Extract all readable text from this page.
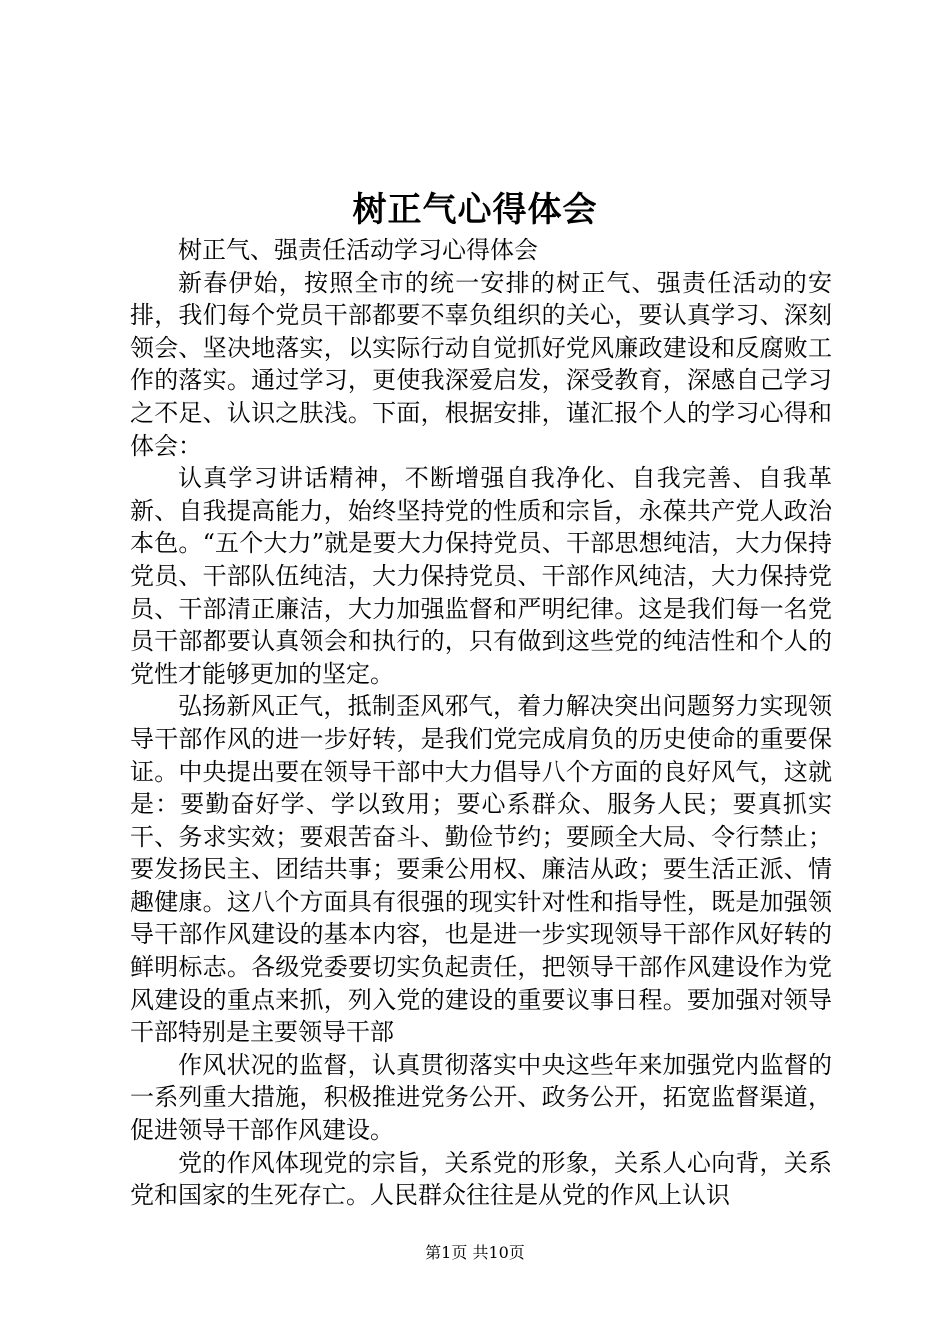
树正气心得体会

树正气、强责任活动学习心得体会

新春伊始，按照全市的统一安排的树正气、强责任活动的安排，我们每个党员干部都要不辜负组织的关心，要认真学习、深刻领会、坚决地落实，以实际行动自觉抓好党风廉政建设和反腐败工作的落实。通过学习，更使我深爱启发，深受教育，深感自己学习之不足、认识之肤浅。下面，根据安排，谨汇报个人的学习心得和体会：

认真学习讲话精神，不断增强自我净化、自我完善、自我革新、自我提高能力，始终坚持党的性质和宗旨，永葆共产党人政治本色。“五个大力”就是要大力保持党员、干部思想纯洁，大力保持党员、干部队伍纯洁，大力保持党员、干部作风纯洁，大力保持党员、干部清正廉洁，大力加强监督和严明纪律。这是我们每一名党员干部都要认真领会和执行的，只有做到这些党的纯洁性和个人的党性才能够更加的坚定。

弘扬新风正气，抵制歪风邪气，着力解决突出问题努力实现领导干部作风的进一步好转，是我们党完成肩负的历史使命的重要保证。中央提出要在领导干部中大力倡导八个方面的良好风气，这就是：要勤奋好学、学以致用；要心系群众、服务人民；要真抓实干、务求实效；要艰苦奋斗、勤俭节约；要顾全大局、令行禁止；要发扬民主、团结共事；要秉公用权、廉洁从政；要生活正派、情趣健康。这八个方面具有很强的现实针对性和指导性，既是加强领导干部作风建设的基本内容，也是进一步实现领导干部作风好转的鲜明标志。各级党委要切实负起责任，把领导干部作风建设作为党风建设的重点来抓，列入党的建设的重要议事日程。要加强对领导干部特别是主要领导干部

作风状况的监督，认真贯彻落实中央这些年来加强党内监督的一系列重大措施，积极推进党务公开、政务公开，拓宽监督渠道，促进领导干部作风建设。

党的作风体现党的宗旨，关系党的形象，关系人心向背，关系党和国家的生死存亡。人民群众往往是从党的作风上认识

第1页 共10页
